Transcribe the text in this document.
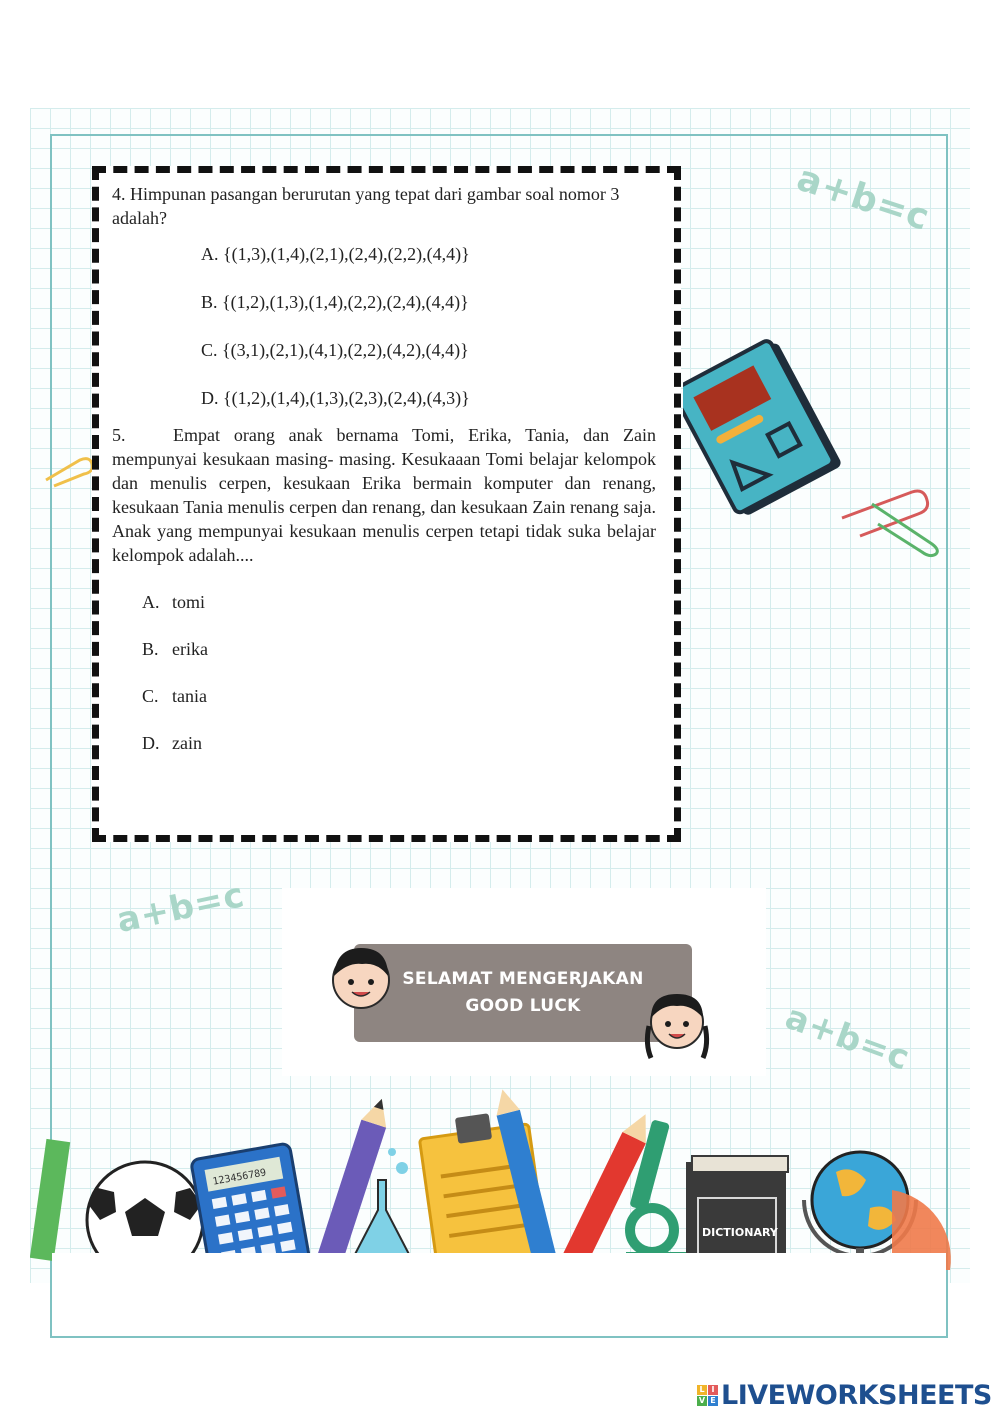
a+b=c
a+b=c
a+b=c

4. Himpunan pasangan berurutan yang tepat dari gambar soal nomor 3 adalah?

A. {(1,3),(1,4),(2,1),(2,4),(2,2),(4,4)}

B. {(1,2),(1,3),(1,4),(2,2),(2,4),(4,4)}

C. {(3,1),(2,1),(4,1),(2,2),(4,2),(4,4)}

D. {(1,2),(1,4),(1,3),(2,3),(2,4),(4,3)}

5.	Empat orang anak bernama Tomi, Erika, Tania, dan Zain mempunyai kesukaan masing- masing. Kesukaaan Tomi belajar kelompok dan menulis cerpen, kesukaan Erika bermain komputer dan renang, kesukaan Tania menulis cerpen dan renang, dan kesukaan Zain renang saja. Anak yang mempunyai kesukaan menulis cerpen tetapi tidak suka belajar kelompok adalah....

A. tomi
B. erika
C. tania
D. zain
SELAMAT MENGERJAKAN
GOOD LUCK
123456789
DICTIONARY
L I
V E LIVEWORKSHEETS
